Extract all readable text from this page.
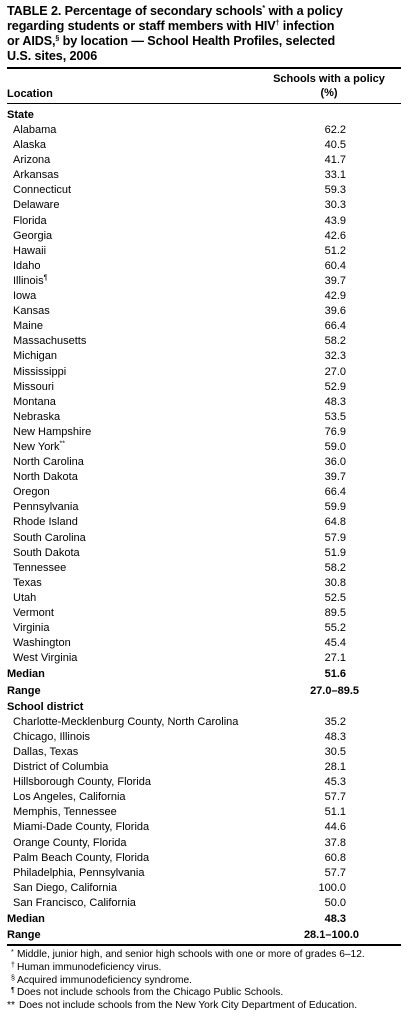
TABLE 2. Percentage of secondary schools* with a policy
regarding students or staff members with HIV† infection
or AIDS,§ by location — School Health Profiles, selected
U.S. sites, 2006
Location
Schools with a policy
(%)
State
Alabama	62.2
Alaska	40.5
Arizona	41.7
Arkansas	33.1
Connecticut	59.3
Delaware	30.3
Florida	43.9
Georgia	42.6
Hawaii	51.2
Idaho	60.4
Illinois¶	39.7
Iowa	42.9
Kansas	39.6
Maine	66.4
Massachusetts	58.2
Michigan	32.3
Mississippi	27.0
Missouri	52.9
Montana	48.3
Nebraska	53.5
New Hampshire	76.9
New York**	59.0
North Carolina	36.0
North Dakota	39.7
Oregon	66.4
Pennsylvania	59.9
Rhode Island	64.8
South Carolina	57.9
South Dakota	51.9
Tennessee	58.2
Texas	30.8
Utah	52.5
Vermont	89.5
Virginia	55.2
Washington	45.4
West Virginia	27.1
Median	51.6
Range	27.0–89.5
School district
Charlotte-Mecklenburg County, North Carolina	35.2
Chicago, Illinois	48.3
Dallas, Texas	30.5
District of Columbia	28.1
Hillsborough County, Florida	45.3
Los Angeles, California	57.7
Memphis, Tennessee	51.1
Miami-Dade County, Florida	44.6
Orange County, Florida	37.8
Palm Beach County, Florida	60.8
Philadelphia, Pennsylvania	57.7
San Diego, California	100.0
San Francisco, California	50.0
Median	48.3
Range	28.1–100.0
* Middle, junior high, and senior high schools with one or more of grades 6–12.
† Human immunodeficiency virus.
§ Acquired immunodeficiency syndrome.
¶ Does not include schools from the Chicago Public Schools.
** Does not include schools from the New York City Department of Education.
